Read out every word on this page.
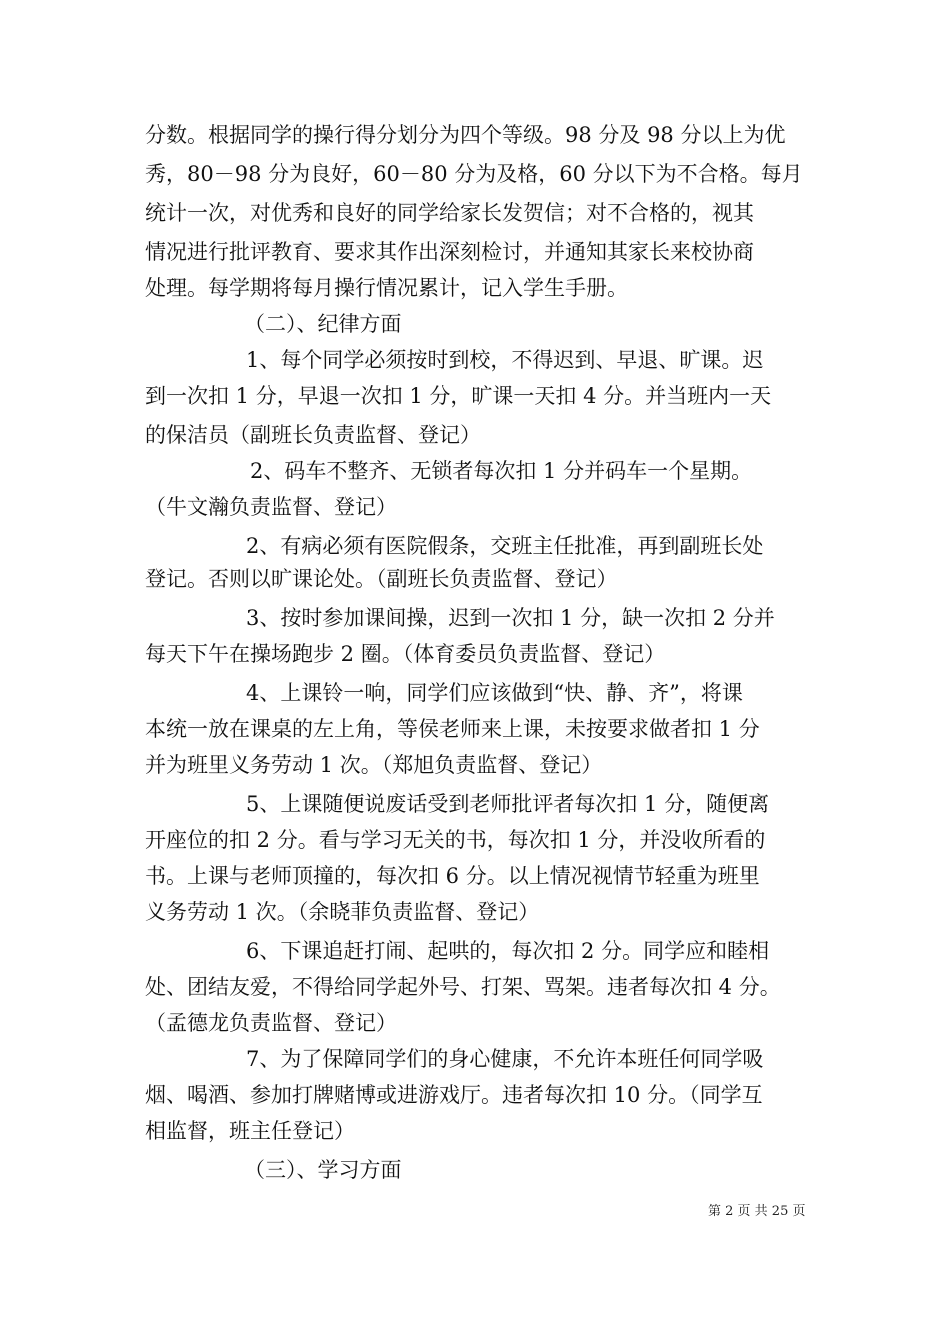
分数。根据同学的操行得分划分为四个等级。98 分及 98 分以上为优
秀，80－98 分为良好，60－80 分为及格，60 分以下为不合格。每月
统计一次，对优秀和良好的同学给家长发贺信；对不合格的，视其
情况进行批评教育、要求其作出深刻检讨，并通知其家长来校协商
处理。每学期将每月操行情况累计，记入学生手册。
（二）、纪律方面
1、每个同学必须按时到校，不得迟到、早退、旷课。迟
到一次扣 1 分，早退一次扣 1 分，旷课一天扣 4 分。并当班内一天
的保洁员（副班长负责监督、登记）
2、码车不整齐、无锁者每次扣 1 分并码车一个星期。
（牛文瀚负责监督、登记）
2、有病必须有医院假条，交班主任批准，再到副班长处
登记。否则以旷课论处。（副班长负责监督、登记）
3、按时参加课间操，迟到一次扣 1 分，缺一次扣 2 分并
每天下午在操场跑步 2 圈。（体育委员负责监督、登记）
4、上课铃一响，同学们应该做到“快、静、齐”，将课
本统一放在课桌的左上角，等侯老师来上课，未按要求做者扣 1 分
并为班里义务劳动 1 次。（郑旭负责监督、登记）
5、上课随便说废话受到老师批评者每次扣 1 分，随便离
开座位的扣 2 分。看与学习无关的书，每次扣 1 分，并没收所看的
书。上课与老师顶撞的，每次扣 6 分。以上情况视情节轻重为班里
义务劳动 1 次。（余晓菲负责监督、登记）
6、下课追赶打闹、起哄的，每次扣 2 分。同学应和睦相
处、团结友爱，不得给同学起外号、打架、骂架。违者每次扣 4 分。
（孟德龙负责监督、登记）
7、为了保障同学们的身心健康，不允许本班任何同学吸
烟、喝酒、参加打牌赌博或进游戏厅。违者每次扣 10 分。（同学互
相监督，班主任登记）
（三）、学习方面
第 2 页 共 25 页
